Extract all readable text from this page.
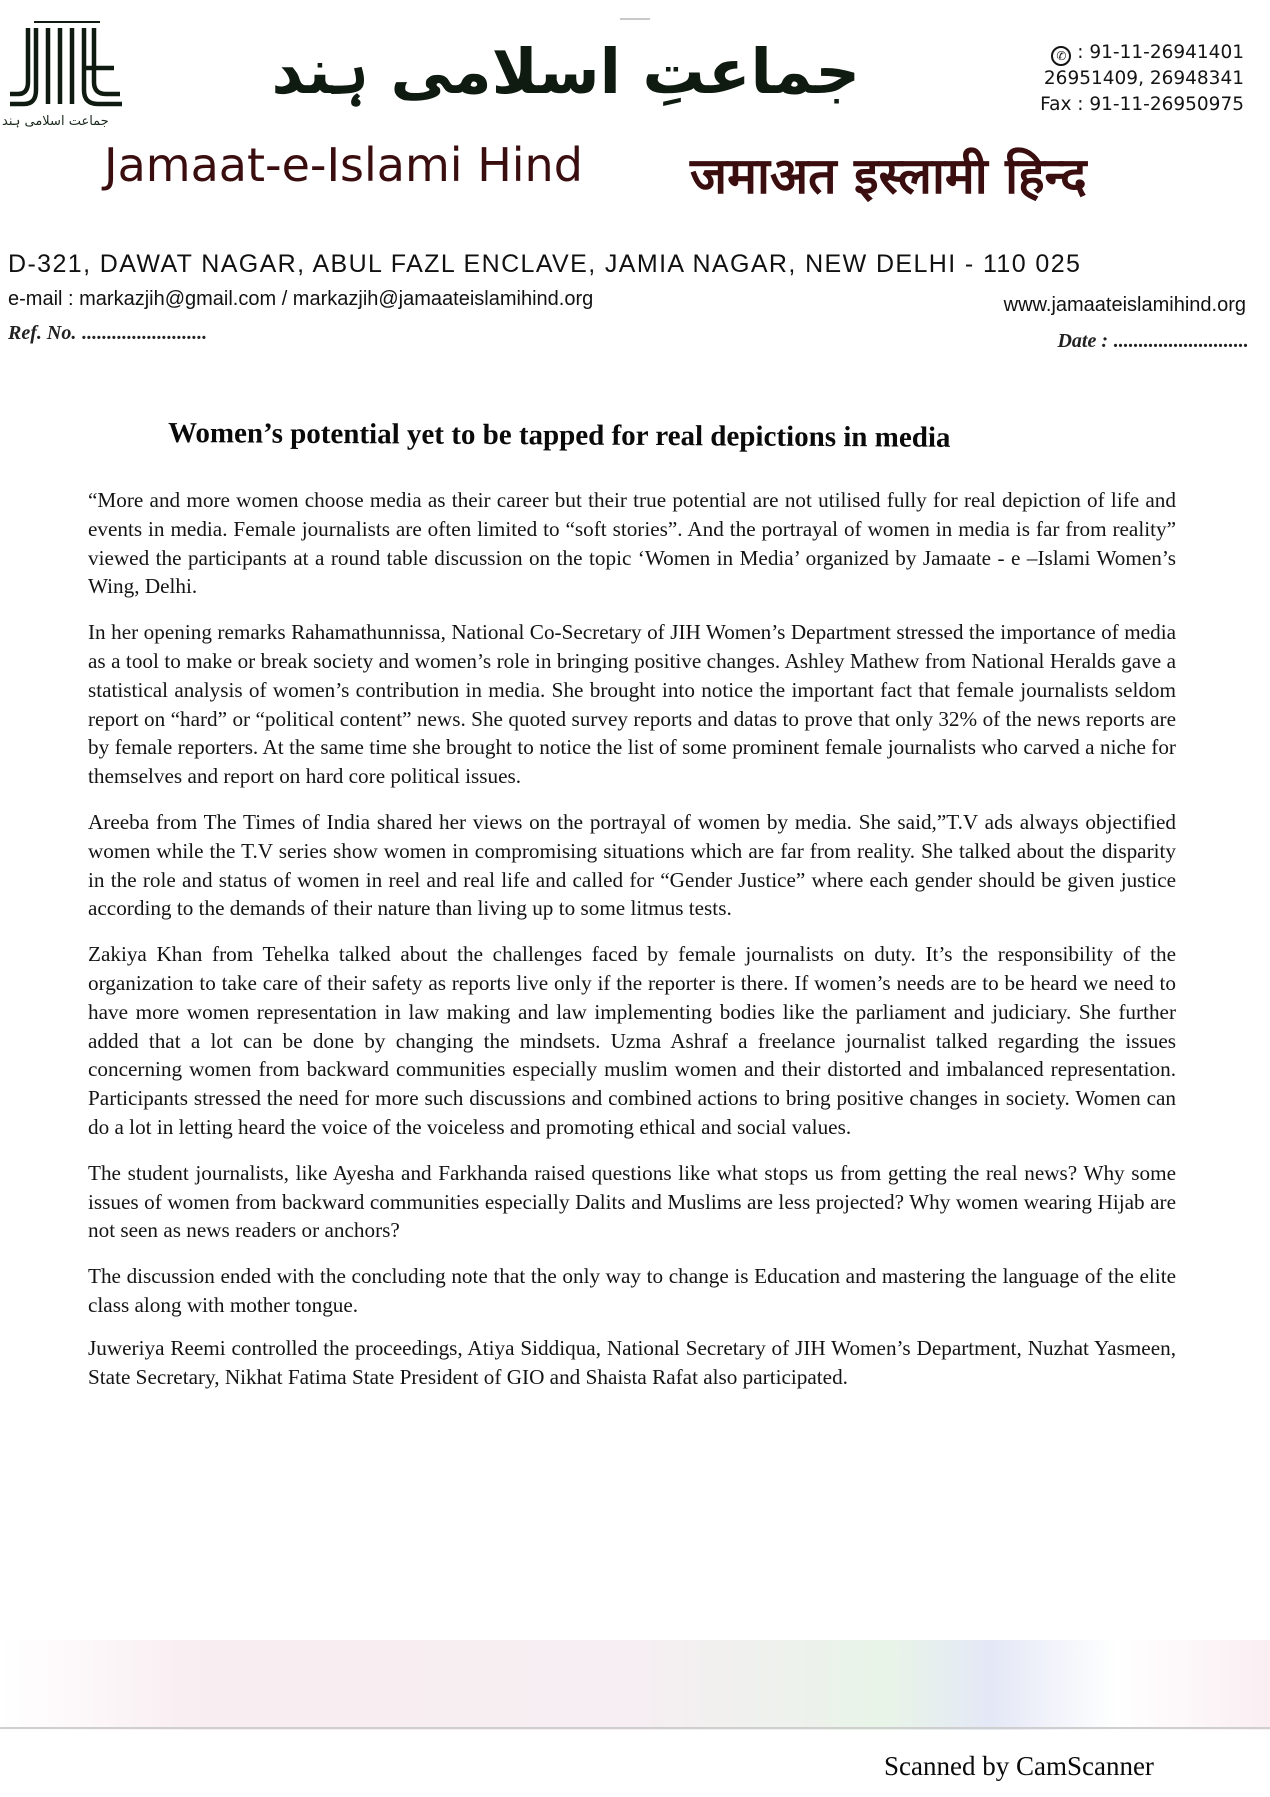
جماعت اسلامی ہند
جماعتِ اسلامی ہند
Jamaat-e-Islami Hind जमाअत इस्लामी हिन्द
✆ : 91-11-26941401
26951409, 26948341
Fax : 91-11-26950975
D-321, DAWAT NAGAR, ABUL FAZL ENCLAVE, JAMIA NAGAR, NEW DELHI - 110 025
e-mail : markazjih@gmail.com / markazjih@jamaateislamihind.org	www.jamaateislamihind.org
Ref. No. .........................	Date : ...........................
Women’s potential yet to be tapped for real depictions in media

“More and more women choose media as their career but their true potential are not utilised fully for real depiction of life and events in media. Female journalists are often limited to “soft stories”. And the portrayal of women in media is far from reality” viewed the participants at a round table discussion on the topic ‘Women in Media’ organized by Jamaate - e –Islami Women’s Wing, Delhi.

In her opening remarks Rahamathunnissa, National Co-Secretary of JIH Women’s Department stressed the importance of media as a tool to make or break society and women’s role in bringing positive changes. Ashley Mathew from National Heralds gave a statistical analysis of women’s contribution in media. She brought into notice the important fact that female journalists seldom report on “hard” or “political content” news. She quoted survey reports and datas to prove that only 32% of the news reports are by female reporters. At the same time she brought to notice the list of some prominent female journalists who carved a niche for themselves and report on hard core political issues.

Areeba from The Times of India shared her views on the portrayal of women by media. She said,”T.V ads always objectified women while the T.V series show women in compromising situations which are far from reality. She talked about the disparity in the role and status of women in reel and real life and called for “Gender Justice” where each gender should be given justice according to the demands of their nature than living up to some litmus tests.

Zakiya Khan from Tehelka talked about the challenges faced by female journalists on duty. It’s the responsibility of the organization to take care of their safety as reports live only if the reporter is there. If women’s needs are to be heard we need to have more women representation in law making and law implementing bodies like the parliament and judiciary. She further added that a lot can be done by changing the mindsets. Uzma Ashraf a freelance journalist talked regarding the issues concerning women from backward communities especially muslim women and their distorted and imbalanced representation. Participants stressed the need for more such discussions and combined actions to bring positive changes in society. Women can do a lot in letting heard the voice of the voiceless and promoting ethical and social values.

The student journalists, like Ayesha and Farkhanda raised questions like what stops us from getting the real news? Why some issues of women from backward communities especially Dalits and Muslims are less projected? Why women wearing Hijab are not seen as news readers or anchors?

The discussion ended with the concluding note that the only way to change is Education and mastering the language of the elite class along with mother tongue.

Juweriya Reemi controlled the proceedings, Atiya Siddiqua, National Secretary of JIH Women’s Department, Nuzhat Yasmeen, State Secretary, Nikhat Fatima State President of GIO and Shaista Rafat also participated.

Scanned by CamScanner
